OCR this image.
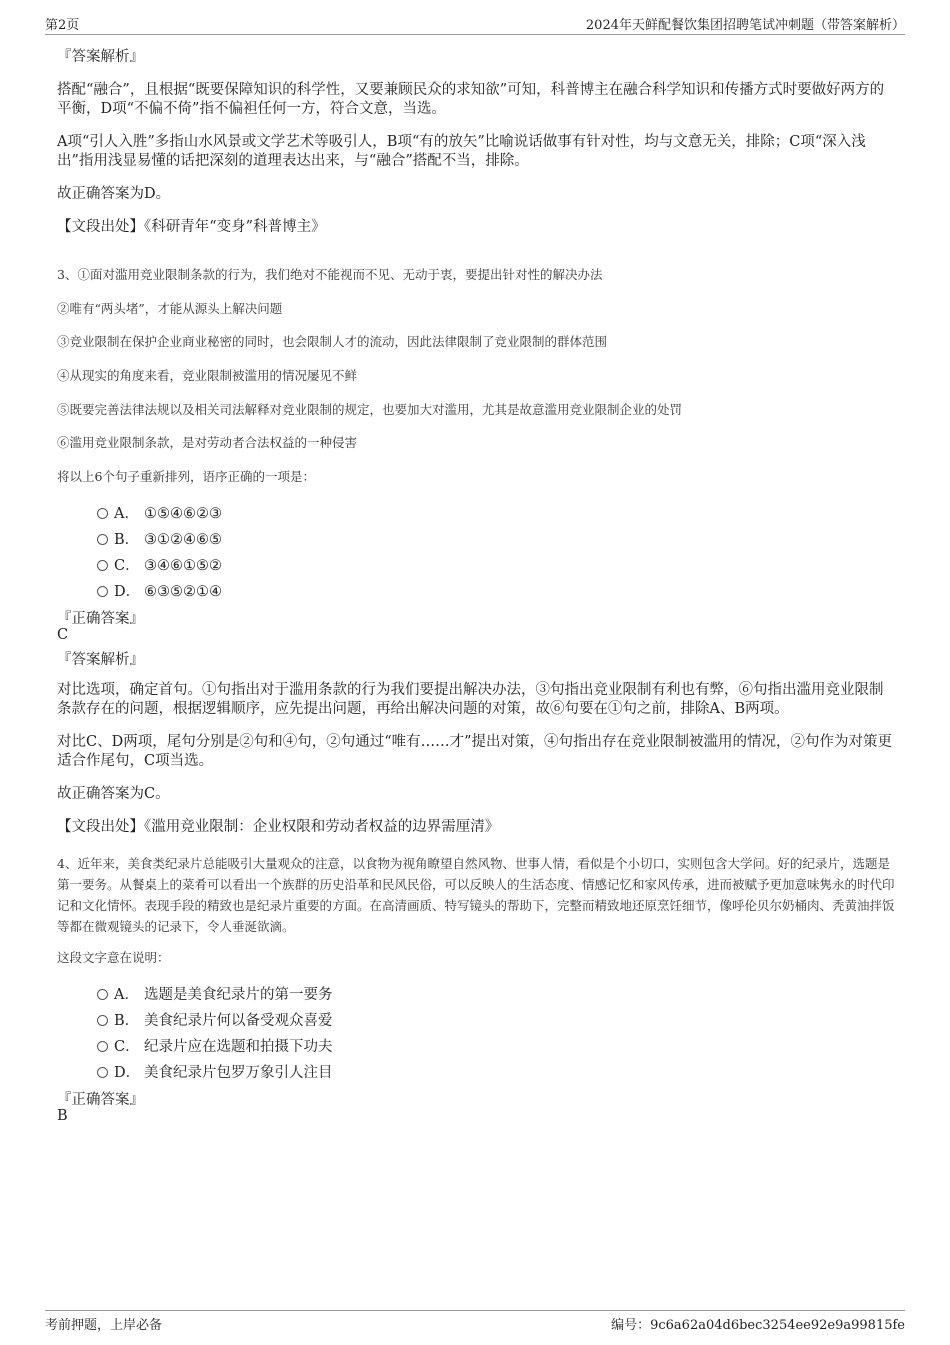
第2页	2024年天鲜配餐饮集团招聘笔试冲刺题（带答案解析）
『答案解析』
搭配“融合”，且根据“既要保障知识的科学性，又要兼顾民众的求知欲”可知，科普博主在融合科学知识和传播方式时要做好两方的平衡，D项“不偏不倚”指不偏袒任何一方，符合文意，当选。
A项“引人入胜”多指山水风景或文学艺术等吸引人，B项“有的放矢”比喻说话做事有针对性，均与文意无关，排除；C项“深入浅出”指用浅显易懂的话把深刻的道理表达出来，与“融合”搭配不当，排除。
故正确答案为D。
【文段出处】《科研青年“变身”科普博主》
3、①面对滥用竞业限制条款的行为，我们绝对不能视而不见、无动于衷，要提出针对性的解决办法
②唯有“两头堵”，才能从源头上解决问题
③竞业限制在保护企业商业秘密的同时，也会限制人才的流动，因此法律限制了竞业限制的群体范围
④从现实的角度来看，竞业限制被滥用的情况屡见不鲜
⑤既要完善法律法规以及相关司法解释对竞业限制的规定，也要加大对滥用，尤其是故意滥用竞业限制企业的处罚
⑥滥用竞业限制条款，是对劳动者合法权益的一种侵害
将以上6个句子重新排列，语序正确的一项是：
A． ①⑤④⑥②③
B． ③①②④⑥⑤
C． ③④⑥①⑤②
D． ⑥③⑤②①④
『正确答案』
C
『答案解析』
对比选项，确定首句。①句指出对于滥用条款的行为我们要提出解决办法，③句指出竞业限制有利也有弊，⑥句指出滥用竞业限制条款存在的问题，根据逻辑顺序，应先提出问题，再给出解决问题的对策，故⑥句要在①句之前，排除A、B两项。
对比C、D两项，尾句分别是②句和④句，②句通过“唯有……才”提出对策，④句指出存在竞业限制被滥用的情况，②句作为对策更适合作尾句，C项当选。
故正确答案为C。
【文段出处】《滥用竞业限制：企业权限和劳动者权益的边界需厘清》
4、近年来，美食类纪录片总能吸引大量观众的注意，以食物为视角瞭望自然风物、世事人情，看似是个小切口，实则包含大学问。好的纪录片，选题是第一要务。从餐桌上的菜肴可以看出一个族群的历史沿革和民风民俗，可以反映人的生活态度、情感记忆和家风传承，进而被赋予更加意味隽永的时代印记和文化情怀。表现手段的精致也是纪录片重要的方面。在高清画质、特写镜头的帮助下，完整而精致地还原烹饪细节，像呼伦贝尔奶桶肉、秃黄油拌饭等都在微观镜头的记录下，令人垂涎欲滴。
这段文字意在说明：
A． 选题是美食纪录片的第一要务
B． 美食纪录片何以备受观众喜爱
C． 纪录片应在选题和拍摄下功夫
D． 美食纪录片包罗万象引人注目
『正确答案』
B
考前押题，上岸必备	编号：9c6a62a04d6bec3254ee92e9a99815fe
